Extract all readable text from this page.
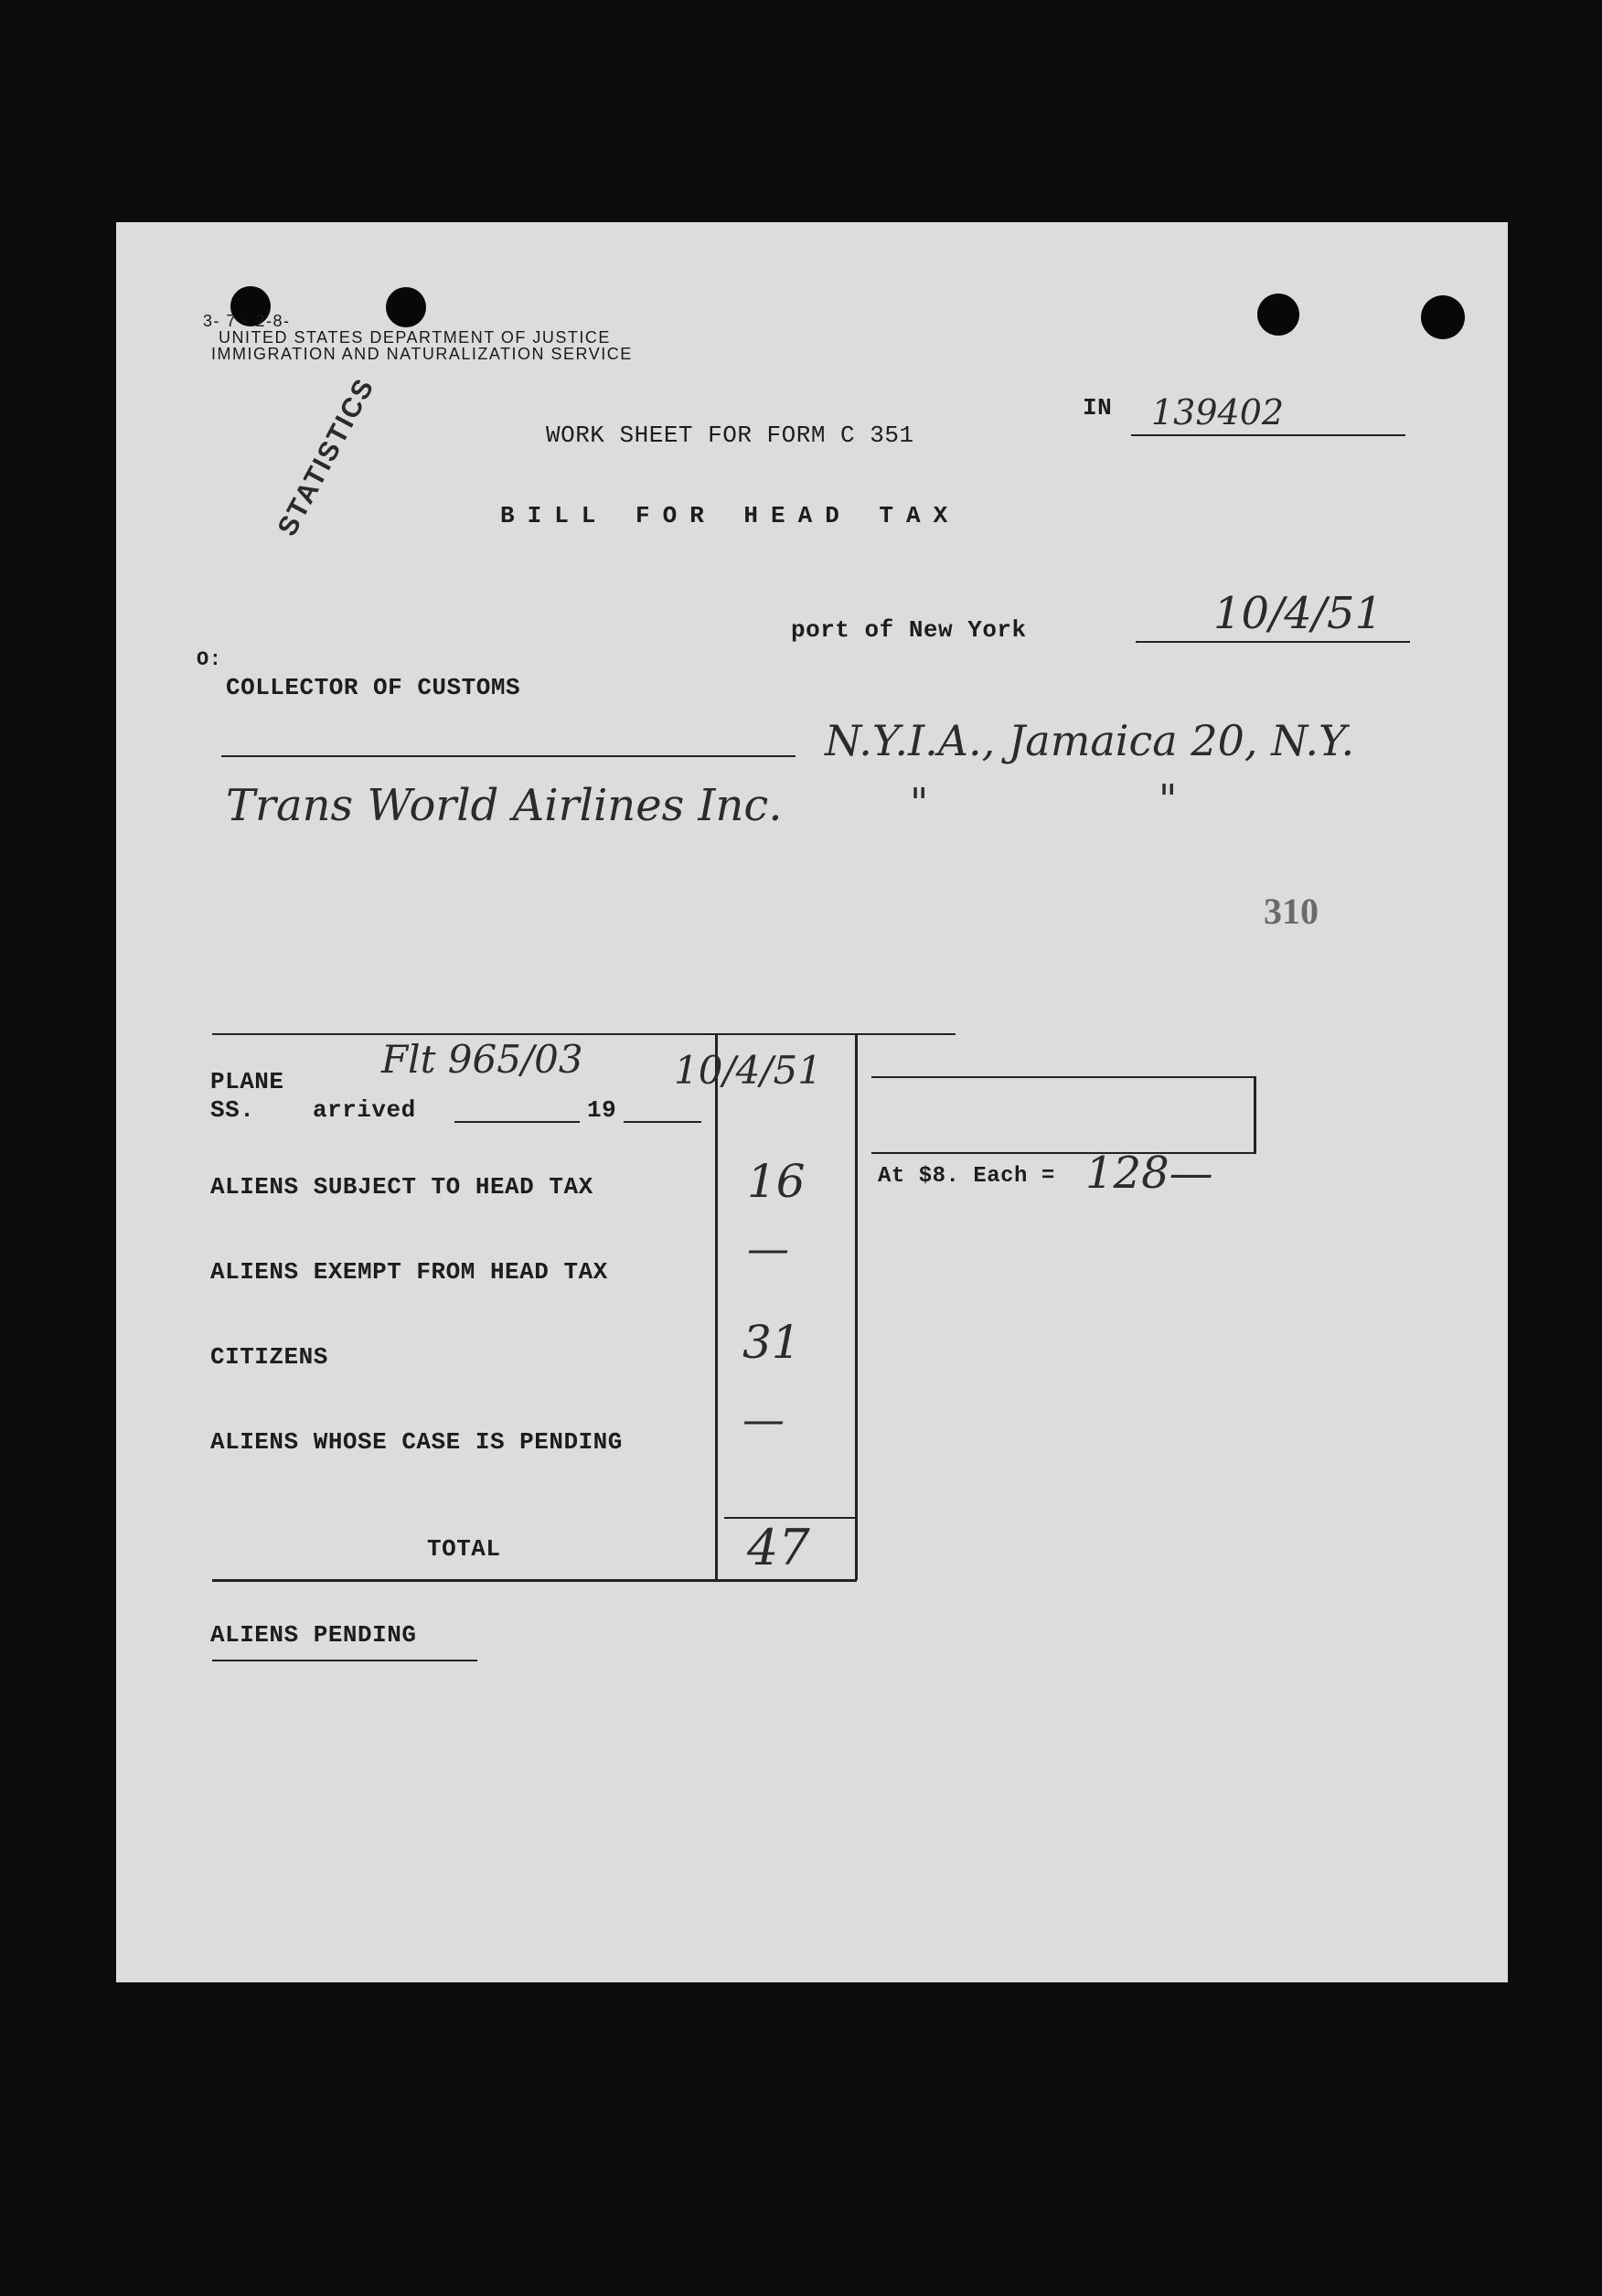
3- 7 - 2-8-
UNITED STATES DEPARTMENT OF JUSTICE
IMMIGRATION AND NATURALIZATION SERVICE
STATISTICS	WORK SHEET FOR FORM C 351
BILL FOR HEAD TAX
IN 139402
port of New York	10/4/51
O:
COLLECTOR OF CUSTOMS
N.Y.I.A., Jamaica 20, N.Y.
Trans World Airlines Inc.	"	"
310
PLANE	Flt 965/03 10/4/51
SS. arrived	19
ALIENS SUBJECT TO HEAD TAX	16
ALIENS EXEMPT FROM HEAD TAX	—
CITIZENS	31
ALIENS WHOSE CASE IS PENDING	—
TOTAL	47
At $8. Each = 128—
ALIENS PENDING
